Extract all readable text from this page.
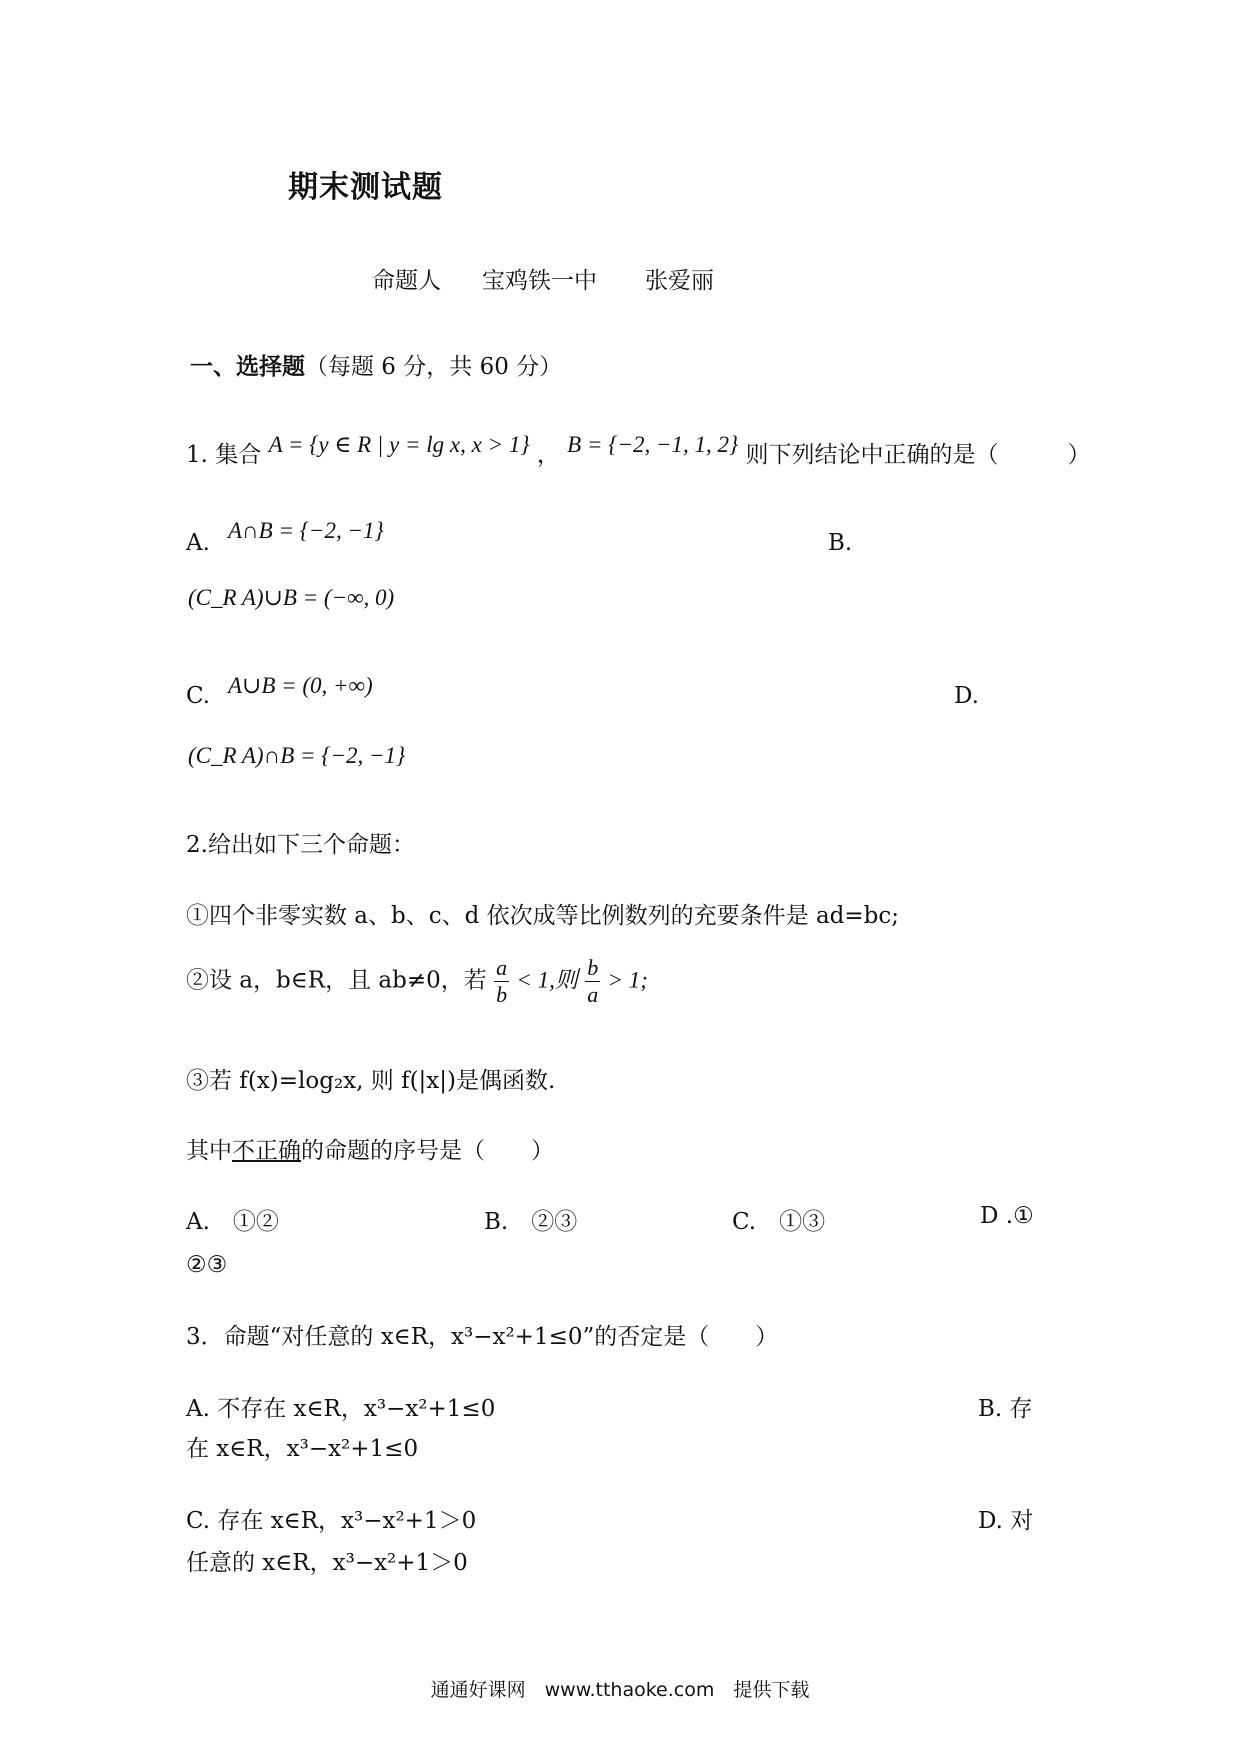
期末测试题
命题人 宝鸡铁一中 张爱丽
一、选择题（每题 6 分，共 60 分）
1. 集合 A = {y ∈ R | y = lg x, x > 1} ， B = {−2, −1, 1, 2} 则下列结论中正确的是（　　　）
A. A∩B = {−2, −1}	B.
(C_R A)∪B = (−∞, 0)
C. A∪B = (0, +∞)	D.
(C_R A)∩B = {−2, −1}
2.给出如下三个命题：
①四个非零实数 a、b、c、d 依次成等比例数列的充要条件是 ad=bc;
②设 a，b∈R，且 ab≠0，若 $\frac{a}{b} < 1$,则 $\frac{b}{a} > 1$;
③若 f(x)=log₂x, 则 f(|x|)是偶函数.
其中不正确的命题的序号是（　　）
A.　①②	B.　②③	C.　①③	D .①
②③
3．命题“对任意的 x∈R，x³−x²+1≤0”的否定是（　　）
A. 不存在 x∈R，x³−x²+1≤0	B. 存
在 x∈R，x³−x²+1≤0
C. 存在 x∈R，x³−x²+1＞0	D. 对
任意的 x∈R，x³−x²+1＞0
通通好课网　www.tthaoke.com　提供下载
